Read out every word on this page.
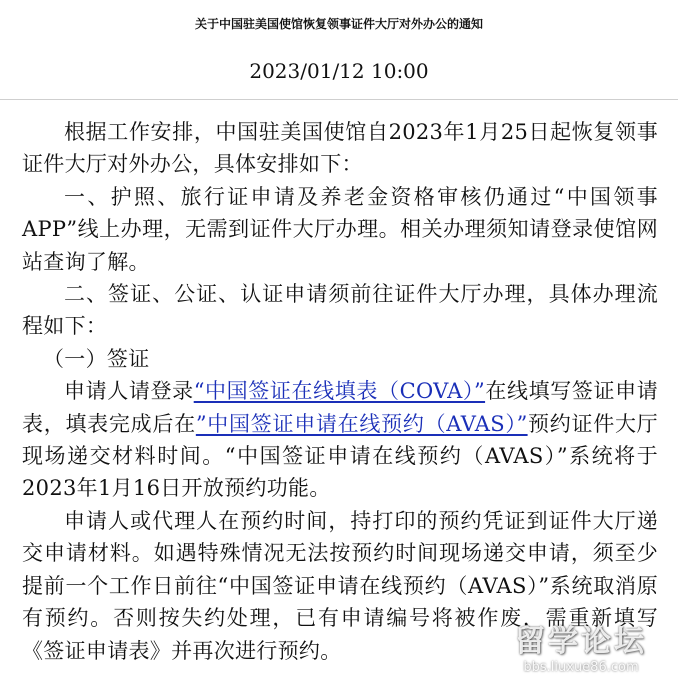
关于中国驻美国使馆恢复领事证件大厅对外办公的通知
2023/01/12 10:00

根据工作安排，中国驻美国使馆自2023年1月25日起恢复领事证件大厅对外办公，具体安排如下：

一、护照、旅行证申请及养老金资格审核仍通过“中国领事APP”线上办理，无需到证件大厅办理。相关办理须知请登录使馆网站查询了解。

二、签证、公证、认证申请须前往证件大厅办理，具体办理流程如下：

（一）签证

申请人请登录“中国签证在线填表（COVA）”在线填写签证申请表，填表完成后在”中国签证申请在线预约（AVAS）”预约证件大厅现场递交材料时间。“中国签证申请在线预约（AVAS）”系统将于2023年1月16日开放预约功能。

申请人或代理人在预约时间，持打印的预约凭证到证件大厅递交申请材料。如遇特殊情况无法按预约时间现场递交申请，须至少提前一个工作日前往“中国签证申请在线预约（AVAS）”系统取消原有预约。否则按失约处理，已有申请编号将被作废，需重新填写《签证申请表》并再次进行预约。	留学论坛
bbs.liuxue86.com
